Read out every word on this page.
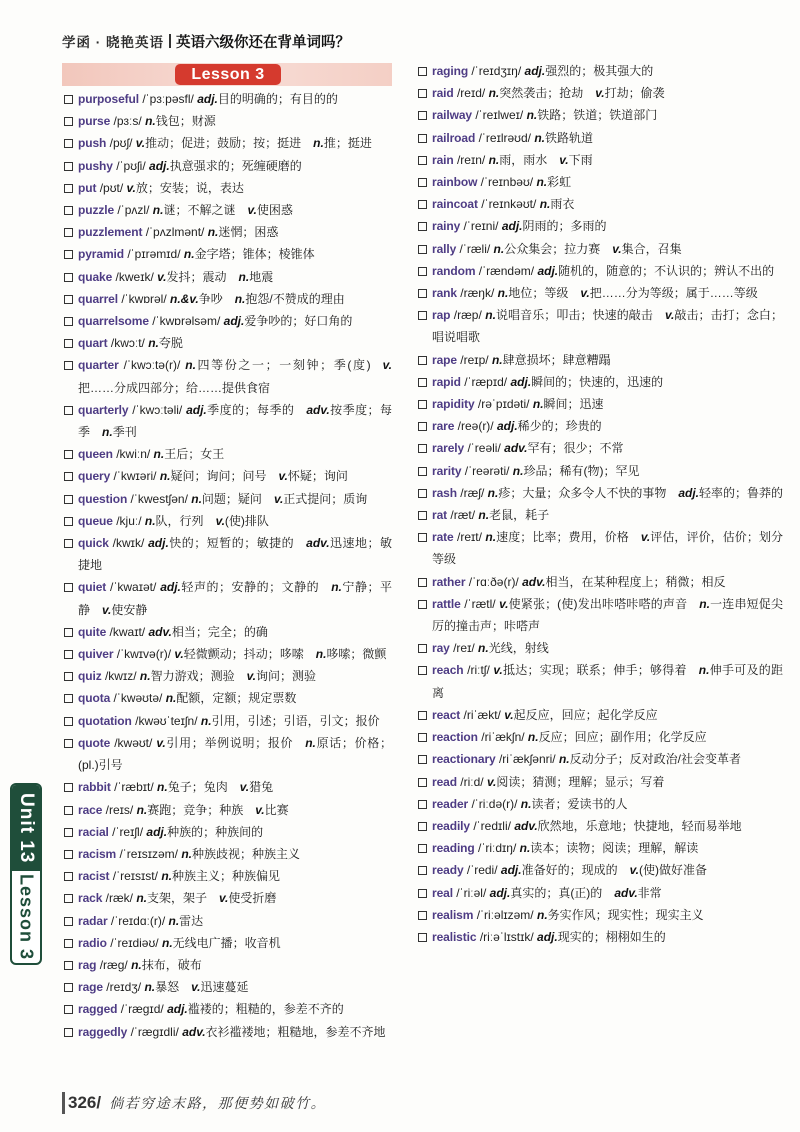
学函 · 晓艳英语 英语六级你还在背单词吗？
Lesson 3
purposeful /ˈpɜːpəsfl/ adj.目的明确的；有目的的
purse /pɜːs/ n.钱包；财源
push /pʊʃ/ v.推动；促进；鼓励；按；挺进 n.推；挺进
pushy /ˈpʊʃi/ adj.执意强求的；死缠硬磨的
put /pʊt/ v.放；安装；说，表达
puzzle /ˈpʌzl/ n.谜；不解之谜 v.使困惑
puzzlement /ˈpʌzlmənt/ n.迷惘；困惑
pyramid /ˈpɪrəmɪd/ n.金字塔；锥体；棱锥体
quake /kweɪk/ v.发抖；震动 n.地震
quarrel /ˈkwɒrəl/ n.&v.争吵 n.抱怨/不赞成的理由
quarrelsome /ˈkwɒrəlsəm/ adj.爱争吵的；好口角的
quart /kwɔːt/ n.夸脱
quarter /ˈkwɔːtə(r)/ n.四等份之一；一刻钟；季(度) v.把……分成四部分；给……提供食宿
quarterly /ˈkwɔːtəli/ adj.季度的；每季的 adv.按季度；每季 n.季刊
queen /kwiːn/ n.王后；女王
query /ˈkwɪəri/ n.疑问；询问；问号 v.怀疑；询问
question /ˈkwestʃən/ n.问题；疑问 v.正式提问；质询
queue /kjuː/ n.队，行列 v.(使)排队
quick /kwɪk/ adj.快的；短暂的；敏捷的 adv.迅速地；敏捷地
quiet /ˈkwaɪət/ adj.轻声的；安静的；文静的 n.宁静；平静 v.使安静
quite /kwaɪt/ adv.相当；完全；的确
quiver /ˈkwɪvə(r)/ v.轻微颤动；抖动；哆嗦 n.哆嗦；微颤
quiz /kwɪz/ n.智力游戏；测验 v.询问；测验
quota /ˈkwəʊtə/ n.配额，定额；规定票数
quotation /kwəʊˈteɪʃn/ n.引用，引述；引语，引文；报价
quote /kwəʊt/ v.引用；举例说明；报价 n.原话；价格；(pl.)引号
rabbit /ˈræbɪt/ n.兔子；兔肉 v.猎兔
race /reɪs/ n.赛跑；竞争；种族 v.比赛
racial /ˈreɪʃl/ adj.种族的；种族间的
racism /ˈreɪsɪzəm/ n.种族歧视；种族主义
racist /ˈreɪsɪst/ n.种族主义；种族偏见
rack /ræk/ n.支架，架子 v.使受折磨
radar /ˈreɪdɑː(r)/ n.雷达
radio /ˈreɪdiəʊ/ n.无线电广播；收音机
rag /ræg/ n.抹布，破布
rage /reɪdʒ/ n.暴怒 v.迅速蔓延
ragged /ˈrægɪd/ adj.褴褛的；粗糙的，参差不齐的
raggedly /ˈrægɪdli/ adv.衣衫褴褛地；粗糙地，参差不齐地
raging /ˈreɪdʒɪŋ/ adj.强烈的；极其强大的
raid /reɪd/ n.突然袭击；抢劫 v.打劫；偷袭
railway /ˈreɪlweɪ/ n.铁路；铁道；铁道部门
railroad /ˈreɪlrəʊd/ n.铁路轨道
rain /reɪn/ n.雨，雨水 v.下雨
rainbow /ˈreɪnbəʊ/ n.彩虹
raincoat /ˈreɪnkəʊt/ n.雨衣
rainy /ˈreɪni/ adj.阴雨的；多雨的
rally /ˈræli/ n.公众集会；拉力赛 v.集合，召集
random /ˈrændəm/ adj.随机的，随意的；不认识的；辨认不出的
rank /ræŋk/ n.地位；等级 v.把……分为等级；属于……等级
rap /ræp/ n.说唱音乐；叩击；快速的敲击 v.敲击；击打；念白；唱说唱歌
rape /reɪp/ n.肆意损坏；肆意糟蹋
rapid /ˈræpɪd/ adj.瞬间的；快速的，迅速的
rapidity /rəˈpɪdəti/ n.瞬间；迅速
rare /reə(r)/ adj.稀少的；珍贵的
rarely /ˈreəli/ adv.罕有；很少；不常
rarity /ˈreərəti/ n.珍品；稀有(物)；罕见
rash /ræʃ/ n.疹；大量；众多令人不快的事物 adj.轻率的；鲁莽的
rat /ræt/ n.老鼠，耗子
rate /reɪt/ n.速度；比率；费用，价格 v.评估，评价，估价；划分等级
rather /ˈrɑːðə(r)/ adv.相当，在某种程度上；稍微；相反
rattle /ˈrætl/ v.使紧张；(使)发出咔嗒咔嗒的声音 n.一连串短促尖厉的撞击声；咔嗒声
ray /reɪ/ n.光线，射线
reach /riːtʃ/ v.抵达；实现；联系；伸手；够得着 n.伸手可及的距离
react /riˈækt/ v.起反应，回应；起化学反应
reaction /riˈækʃn/ n.反应；回应；副作用；化学反应
reactionary /riˈækʃənri/ n.反动分子；反对政治/社会变革者
read /riːd/ v.阅读；猜测；理解；显示；写着
reader /ˈriːdə(r)/ n.读者；爱读书的人
readily /ˈredɪli/ adv.欣然地，乐意地；快捷地，轻而易举地
reading /ˈriːdɪŋ/ n.读本；读物；阅读；理解，解读
ready /ˈredi/ adj.准备好的；现成的 v.(使)做好准备
real /ˈriːəl/ adj.真实的；真(正)的 adv.非常
realism /ˈriːəlɪzəm/ n.务实作风；现实性；现实主义
realistic /riːəˈlɪstɪk/ adj.现实的；栩栩如生的
Unit 13
Lesson 3
326/ 倘若穷途末路，那便势如破竹。
